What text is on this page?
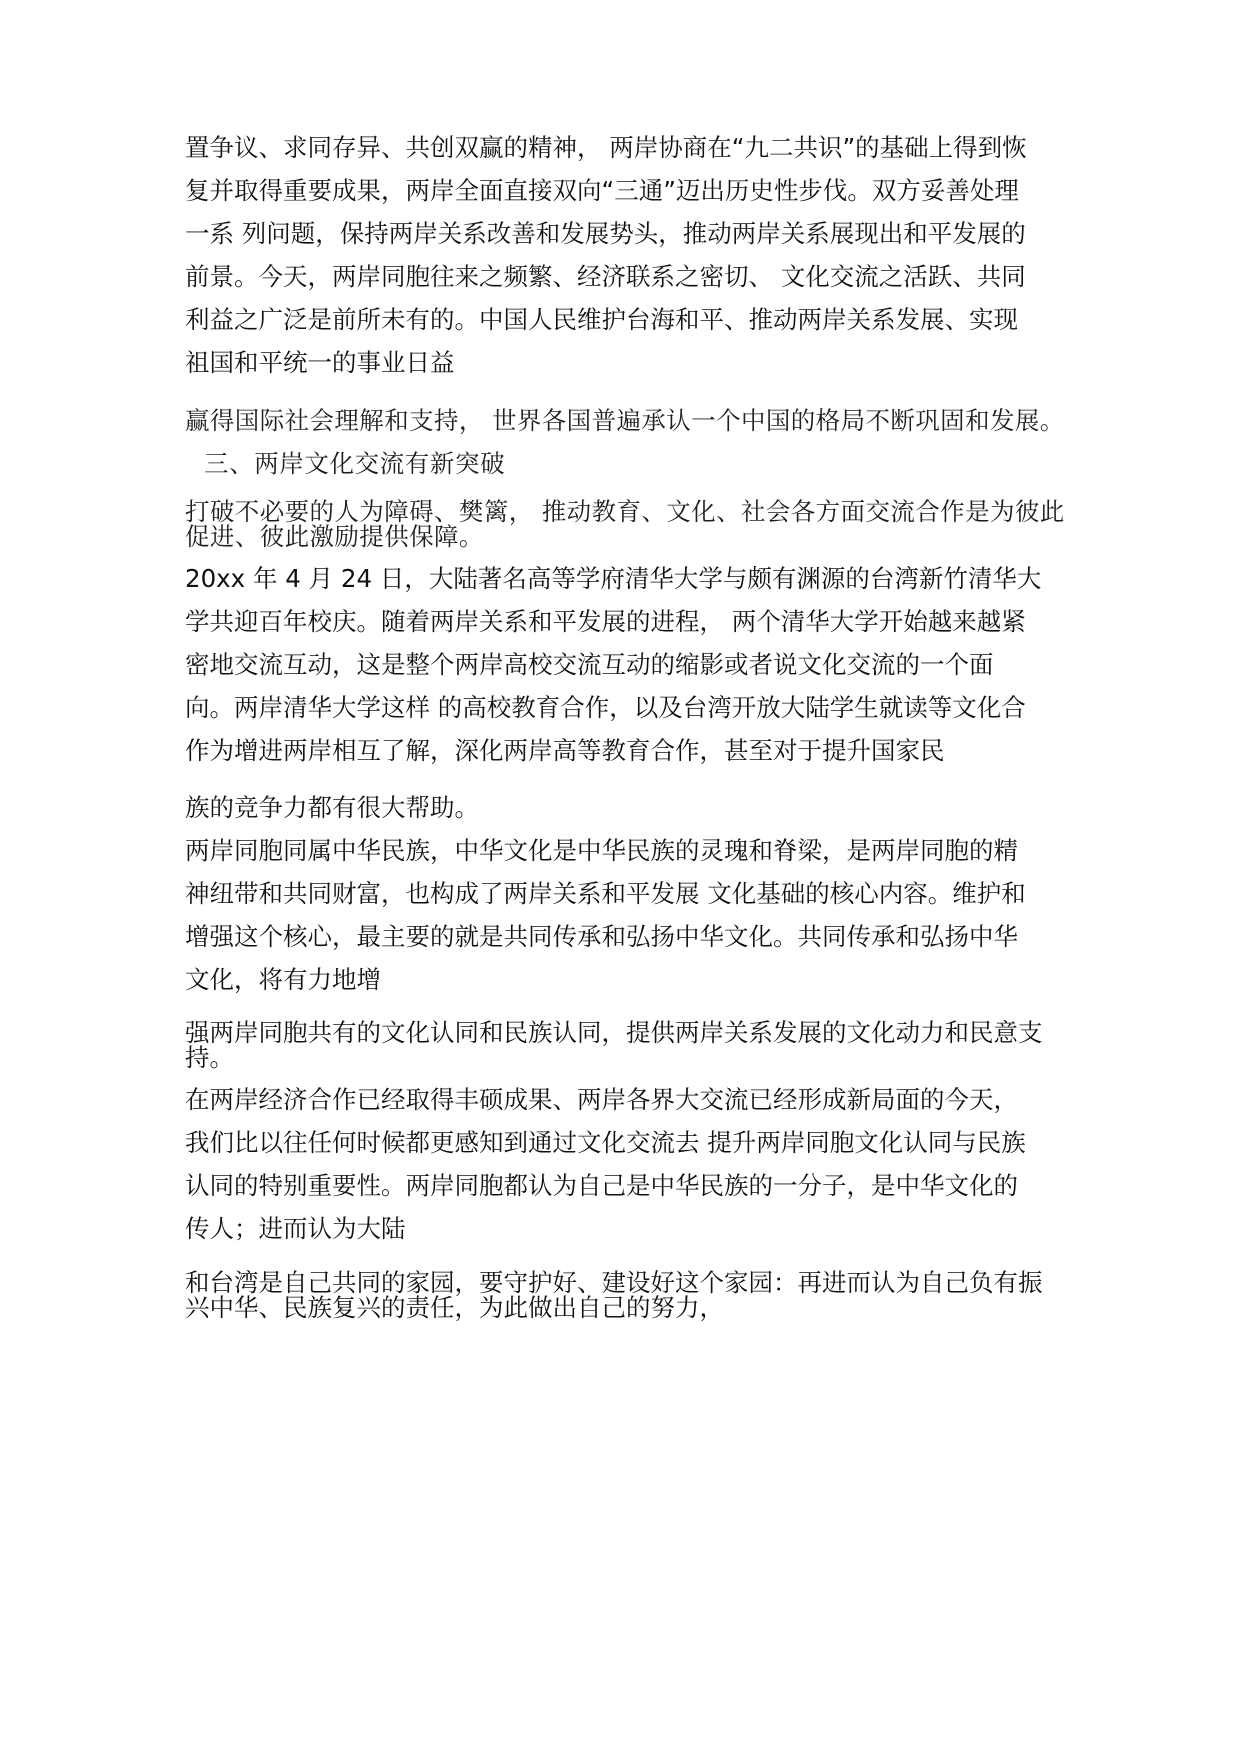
置争议、求同存异、共创双赢的精神， 两岸协商在“九二共识”的基础上得到恢
复并取得重要成果，两岸全面直接双向“三通”迈出历史性步伐。双方妥善处理
一系 列问题，保持两岸关系改善和发展势头，推动两岸关系展现出和平发展的
前景。今天，两岸同胞往来之频繁、经济联系之密切、 文化交流之活跃、共同
利益之广泛是前所未有的。中国人民维护台海和平、推动两岸关系发展、实现
祖国和平统一的事业日益
赢得国际社会理解和支持， 世界各国普遍承认一个中国的格局不断巩固和发展。
三、两岸文化交流有新突破
打破不必要的人为障碍、樊篱， 推动教育、文化、社会各方面交流合作是为彼此
促进、彼此激励提供保障。
20xx 年 4 月 24 日，大陆著名高等学府清华大学与颇有渊源的台湾新竹清华大
学共迎百年校庆。随着两岸关系和平发展的进程， 两个清华大学开始越来越紧
密地交流互动，这是整个两岸高校交流互动的缩影或者说文化交流的一个面
向。两岸清华大学这样 的高校教育合作，以及台湾开放大陆学生就读等文化合
作为增进两岸相互了解，深化两岸高等教育合作，甚至对于提升国家民
族的竞争力都有很大帮助。
两岸同胞同属中华民族，中华文化是中华民族的灵瑰和脊梁，是两岸同胞的精
神纽带和共同财富，也构成了两岸关系和平发展 文化基础的核心内容。维护和
增强这个核心，最主要的就是共同传承和弘扬中华文化。共同传承和弘扬中华
文化，将有力地增
强两岸同胞共有的文化认同和民族认同，提供两岸关系发展的文化动力和民意支
持。
在两岸经济合作已经取得丰硕成果、两岸各界大交流已经形成新局面的今天，
我们比以往任何时候都更感知到通过文化交流去 提升两岸同胞文化认同与民族
认同的特别重要性。两岸同胞都认为自己是中华民族的一分子，是中华文化的
传人；进而认为大陆
和台湾是自己共同的家园，要守护好、建设好这个家园：再进而认为自己负有振
兴中华、民族复兴的责任，为此做出自己的努力，
